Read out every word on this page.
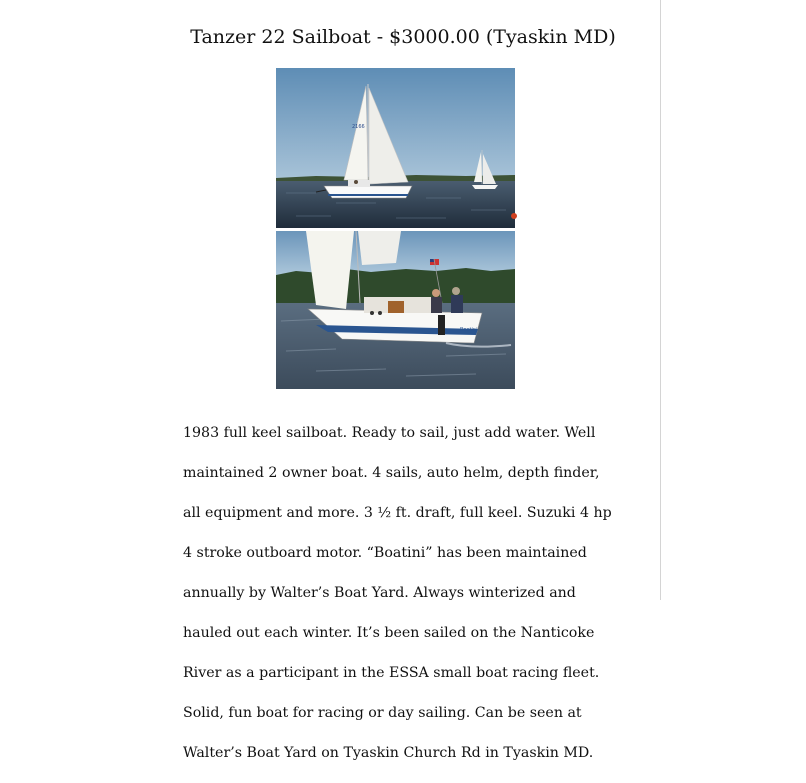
Tanzer 22 Sailboat - $3000.00 (Tyaskin MD)
2166
Boatini

1983 full keel sailboat. Ready to sail, just add water. Well

maintained 2 owner boat. 4 sails, auto helm, depth finder,

all equipment and more. 3 ½ ft. draft, full keel. Suzuki 4 hp

4 stroke outboard motor. “Boatini” has been maintained

annually by Walter’s Boat Yard. Always winterized and

hauled out each winter. It’s been sailed on the Nanticoke

River as a participant in the ESSA small boat racing fleet.

Solid, fun boat for racing or day sailing. Can be seen at

Walter’s Boat Yard on Tyaskin Church Rd in Tyaskin MD.
